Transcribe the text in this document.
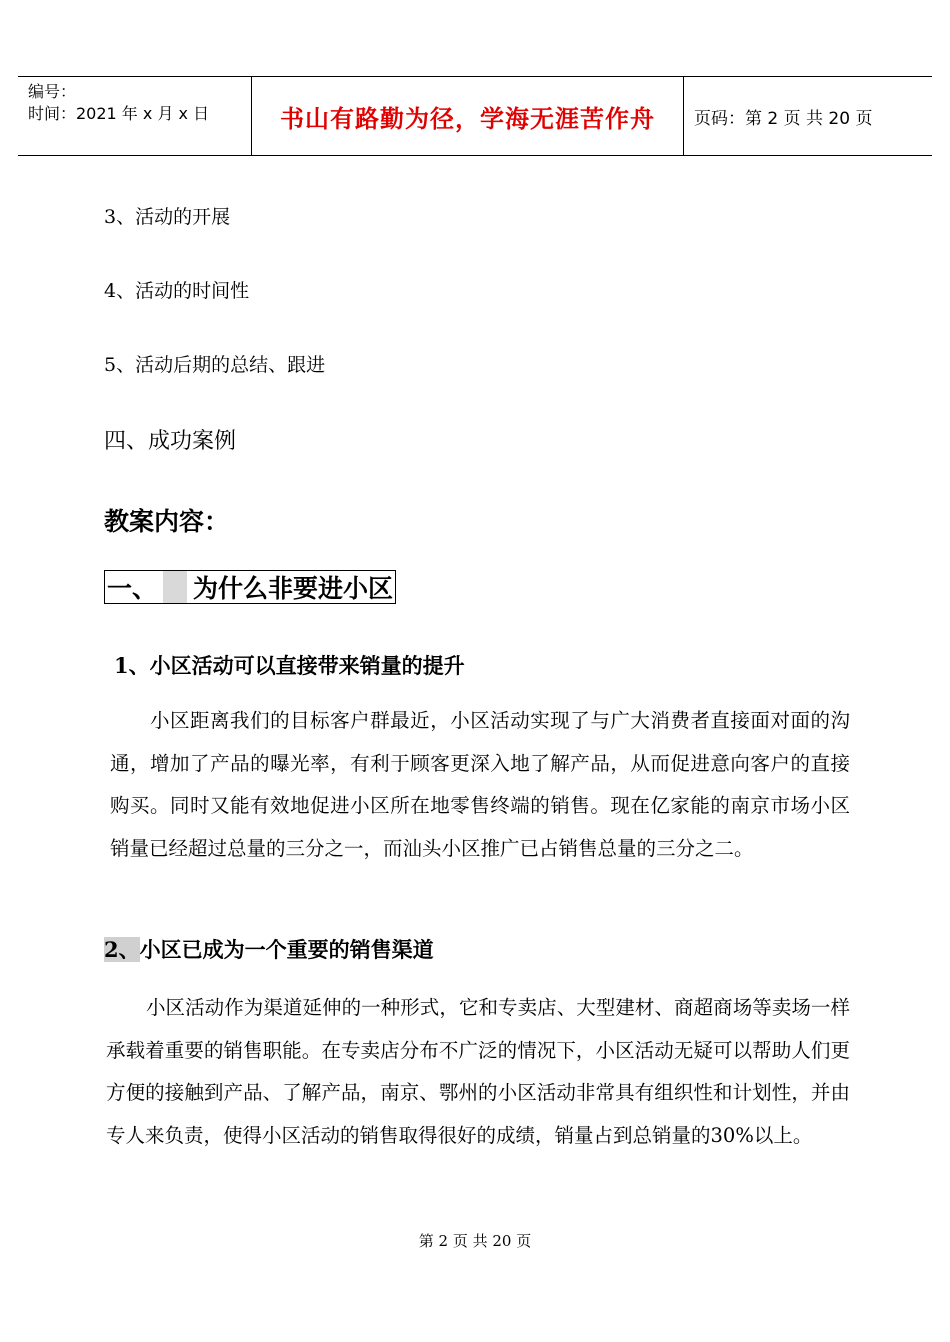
编号：
时间：2021 年 x 月 x 日	书山有路勤为径，学海无涯苦作舟	页码：第 2 页 共 20 页
3、活动的开展
4、活动的时间性
5、活动后期的总结、跟进
四、成功案例
教案内容：
一、 为什么非要进小区
1、小区活动可以直接带来销量的提升
小区距离我们的目标客户群最近，小区活动实现了与广大消费者直接面对面的沟通，增加了产品的曝光率，有利于顾客更深入地了解产品，从而促进意向客户的直接购买。同时又能有效地促进小区所在地零售终端的销售。现在亿家能的南京市场小区销量已经超过总量的三分之一，而汕头小区推广已占销售总量的三分之二。
2、小区已成为一个重要的销售渠道
小区活动作为渠道延伸的一种形式，它和专卖店、大型建材、商超商场等卖场一样承载着重要的销售职能。在专卖店分布不广泛的情况下，小区活动无疑可以帮助人们更方便的接触到产品、了解产品，南京、鄂州的小区活动非常具有组织性和计划性，并由专人来负责，使得小区活动的销售取得很好的成绩，销量占到总销量的30%以上。
第 2 页 共 20 页
